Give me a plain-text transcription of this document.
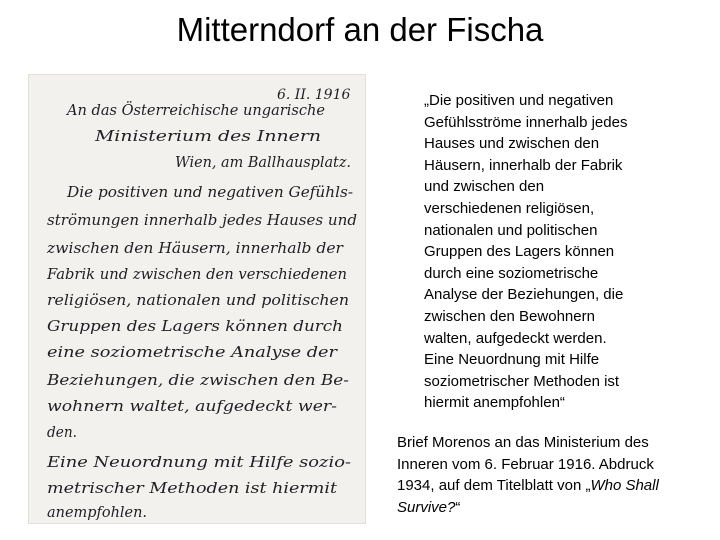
Mitterndorf an der Fischa
An das Österreichische ungarische
Ministerium des Innern
Wien, am Ballhausplatz.
Die positiven und negativen Gefühls-
strömungen innerhalb jedes Hauses und
zwischen den Häusern, innerhalb der
Fabrik und zwischen den verschiedenen
religiösen, nationalen und politischen
Gruppen des Lagers können durch
eine soziometrische Analyse der
Beziehungen, die zwischen den Be-
wohnern waltet, aufgedeckt wer-
den.
Eine Neuordnung mit Hilfe sozio-
metrischer Methoden ist hiermit
anempfohlen.
6. II. 1916	„Die positiven und negativen
Gefühlsströme innerhalb jedes
Hauses und zwischen den
Häusern, innerhalb der Fabrik
und zwischen den
verschiedenen religiösen,
nationalen und politischen
Gruppen des Lagers können
durch eine soziometrische
Analyse der Beziehungen, die
zwischen den Bewohnern
walten, aufgedeckt werden.
Eine Neuordnung mit Hilfe
soziometrischer Methoden ist
hiermit anempfohlen“
Brief Morenos an das Ministerium des
Inneren vom 6. Februar 1916. Abdruck
1934, auf dem Titelblatt von „Who Shall
Survive?“
